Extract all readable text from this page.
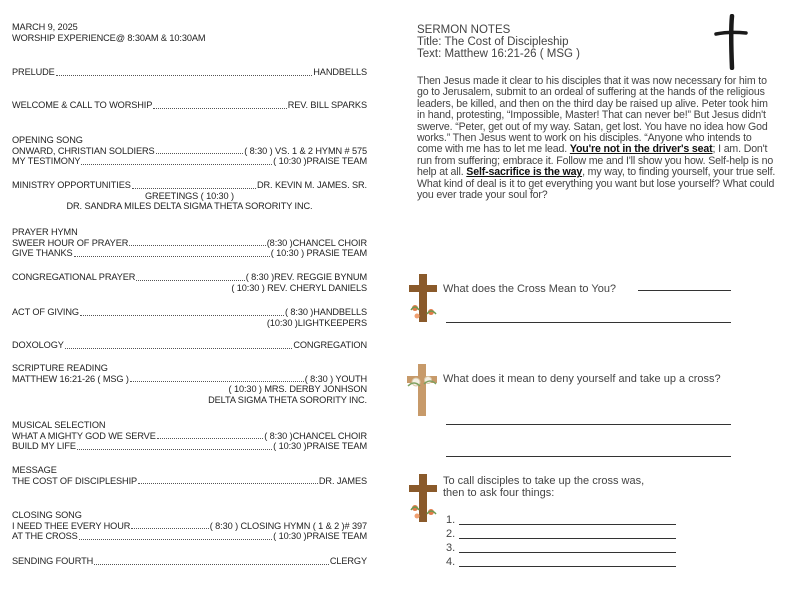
MARCH 9, 2025
WORSHIP EXPERIENCE@ 8:30AM & 10:30AM
PRELUDE	HANDBELLS
WELCOME & CALL TO WORSHIP	REV. BILL SPARKS
OPENING SONG
ONWARD, CHRISTIAN SOLDIERS	( 8:30 ) VS. 1 & 2 HYMN # 575
MY TESTIMONY	( 10:30 )PRAISE TEAM
MINISTRY OPPORTUNITIES	DR. KEVIN M. JAMES. SR.
GREETINGS ( 10:30 )
DR. SANDRA MILES DELTA SIGMA THETA SORORITY INC.
PRAYER HYMN
SWEER HOUR OF PRAYER	(8:30 )CHANCEL CHOIR
GIVE THANKS	( 10:30 ) PRASIE TEAM
CONGREGATIONAL PRAYER	( 8:30 )REV. REGGIE BYNUM
( 10:30 ) REV. CHERYL DANIELS
ACT OF GIVING	( 8:30 )HANDBELLS
(10:30 )LIGHTKEEPERS
DOXOLOGY	CONGREGATION
SCRIPTURE READING
MATTHEW 16:21-26 ( MSG )	( 8:30 ) YOUTH
( 10:30 ) MRS. DERBY JONHSON
DELTA SIGMA THETA SORORITY INC.
MUSICAL SELECTION
WHAT A MIGHTY GOD WE SERVE	( 8:30 )CHANCEL CHOIR
BUILD MY LIFE	( 10:30 )PRAISE TEAM
MESSAGE
THE COST OF DISCIPLESHIP	DR. JAMES
CLOSING SONG
I NEED THEE EVERY HOUR	( 8:30 ) CLOSING HYMN ( 1 & 2 )# 397
AT THE CROSS	( 10:30 )PRAISE TEAM
SENDING FOURTH	CLERGY
SERMON NOTES
Title: The Cost of Discipleship
Text: Matthew 16:21-26 ( MSG )
Then Jesus made it clear to his disciples that it was now necessary for him to go to Jerusalem, submit to an ordeal of suffering at the hands of the religious leaders, be killed, and then on the third day be raised up alive. Peter took him in hand, protesting, “Impossible, Master! That can never be!” But Jesus didn't swerve. “Peter, get out of my way. Satan, get lost. You have no idea how God works.” Then Jesus went to work on his disciples. “Anyone who intends to come with me has to let me lead. You're not in the driver's seat; I am. Don't run from suffering; embrace it. Follow me and I'll show you how. Self-help is no help at all. Self-sacrifice is the way, my way, to finding yourself, your true self. What kind of deal is it to get everything you want but lose yourself? What could you ever trade your soul for?
What does the Cross Mean to You?
What does it mean to deny yourself and take up a cross?
To call disciples to take up the cross was,
then to ask four things:
1.
2.
3.
4.
